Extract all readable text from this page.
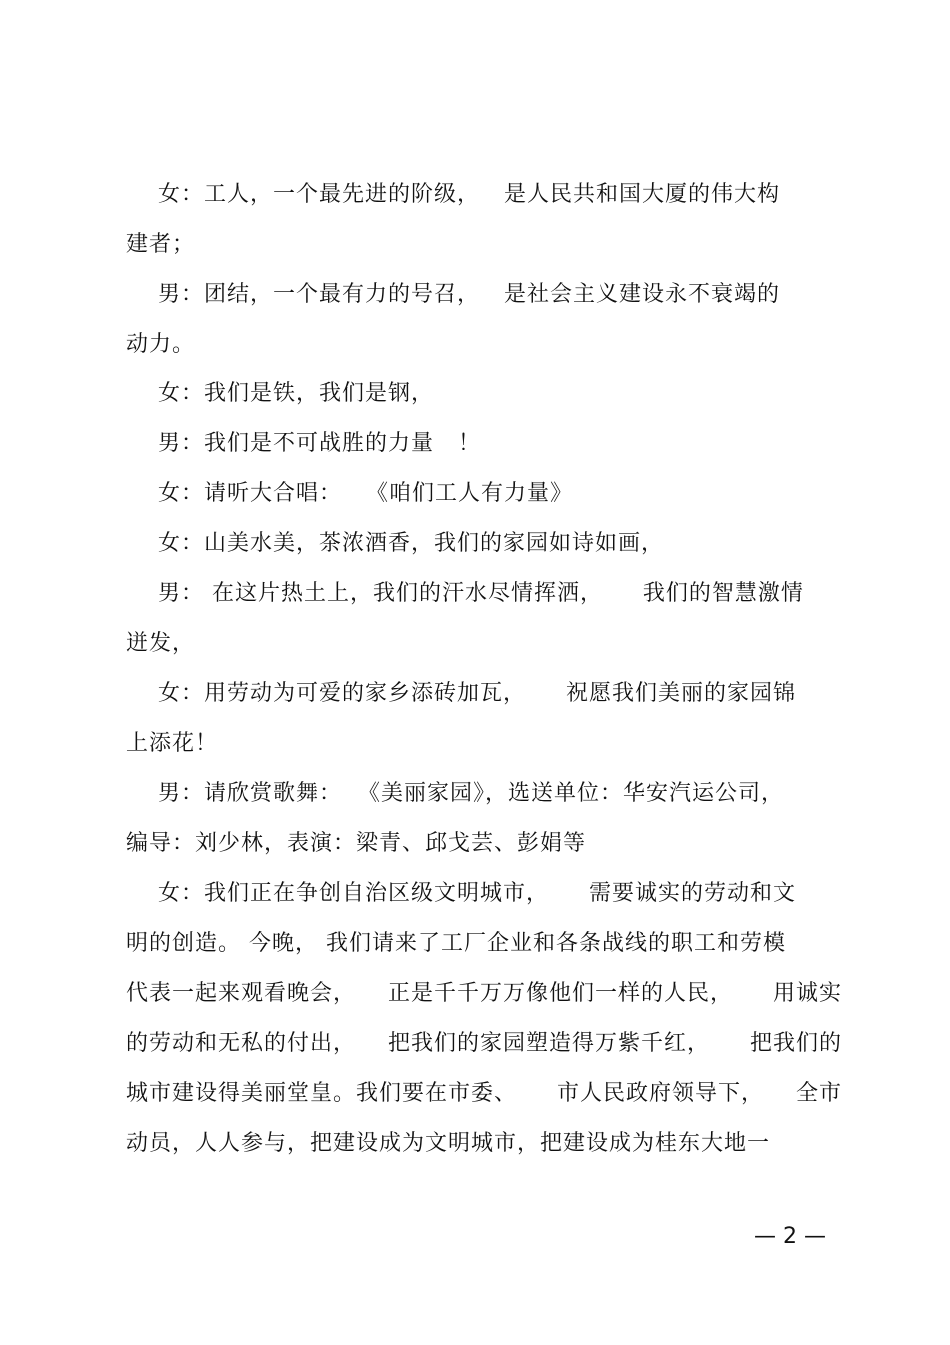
女：工人，一个最先进的阶级，   是人民共和国大厦的伟大构
建者；
男：团结，一个最有力的号召，   是社会主义建设永不衰竭的
动力。
女：我们是铁，我们是钢，
男：我们是不可战胜的力量   ！
女：请听大合唱：   《咱们工人有力量》
女：山美水美，茶浓酒香，我们的家园如诗如画，
男： 在这片热土上，我们的汗水尽情挥洒，     我们的智慧激情
迸发，
女：用劳动为可爱的家乡添砖加瓦，     祝愿我们美丽的家园锦
上添花！
男：请欣赏歌舞：  《美丽家园》，选送单位：华安汽运公司，
编导：刘少林，表演：梁青、邱戈芸、彭娟等
女：我们正在争创自治区级文明城市，     需要诚实的劳动和文
明的创造。 今晚， 我们请来了工厂企业和各条战线的职工和劳模
代表一起来观看晚会，    正是千千万万像他们一样的人民，     用诚实
的劳动和无私的付出，    把我们的家园塑造得万紫千红，     把我们的
城市建设得美丽堂皇。我们要在市委、     市人民政府领导下，    全市
动员，人人参与，把建设成为文明城市，把建设成为桂东大地一
— 2 —
